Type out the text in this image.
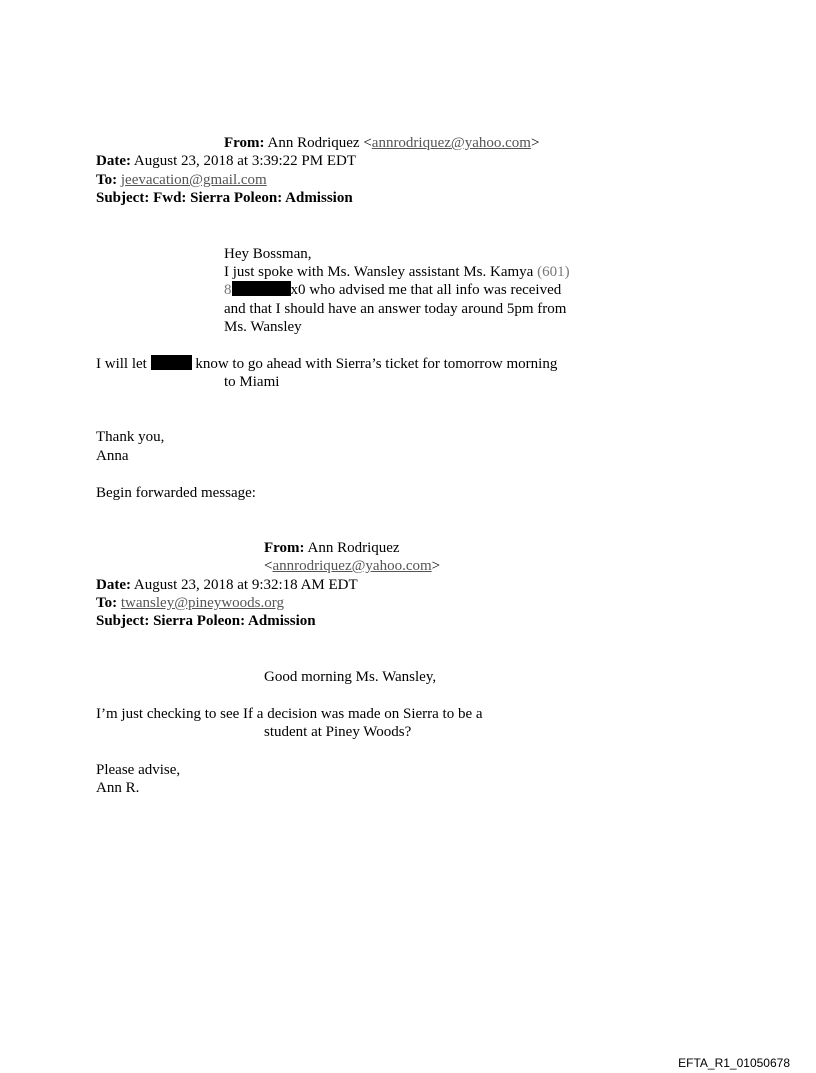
From: Ann Rodriquez <annrodriquez@yahoo.com>
Date: August 23, 2018 at 3:39:22 PM EDT
To: jeevacation@gmail.com
Subject: Fwd: Sierra Poleon: Admission
Hey Bossman,
I just spoke with Ms. Wansley assistant Ms. Kamya (601)
8	x0 who advised me that all info was received
and that I should have an answer today around 5pm from
Ms. Wansley
I will let	know to go ahead with Sierra’s ticket for tomorrow morning
to Miami
Thank you,
Anna
Begin forwarded message:
From: Ann Rodriquez
<annrodriquez@yahoo.com>
Date: August 23, 2018 at 9:32:18 AM EDT
To: twansley@pineywoods.org
Subject: Sierra Poleon: Admission
Good morning Ms. Wansley,
I’m just checking to see If a decision was made on Sierra to be a
student at Piney Woods?
Please advise,
Ann R.
EFTA_R1_01050678
